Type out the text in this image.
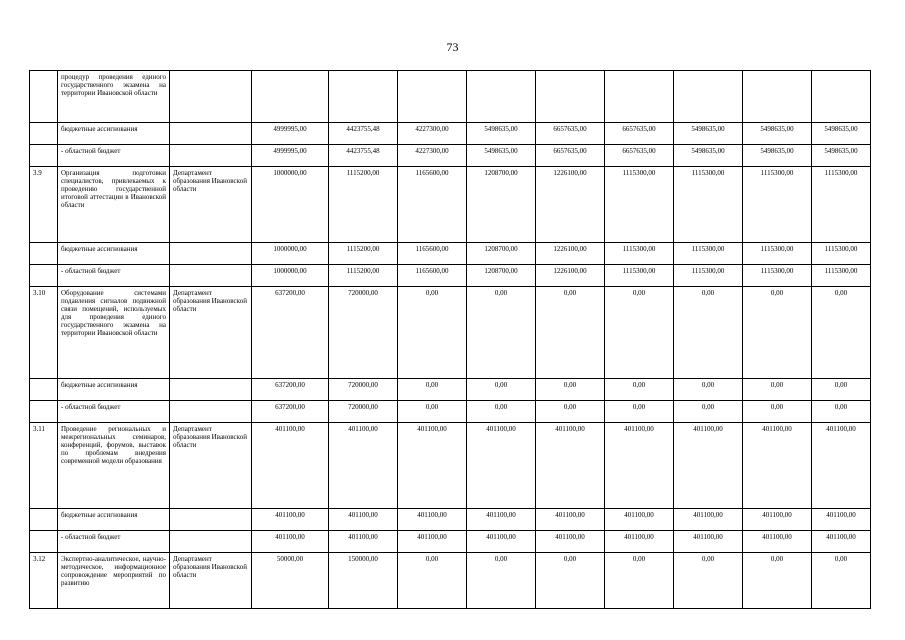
73
	процедур проведения единого государственного экзамена на территории Ивановской области										
	бюджетные ассигнования		4999995,00	4423755,48	4227300,00	5498635,00	6657635,00	6657635,00	5498635,00	5498635,00	5498635,00
	- областной бюджет		4999995,00	4423755,48	4227300,00	5498635,00	6657635,00	6657635,00	5498635,00	5498635,00	5498635,00
3.9	Организация подготовки специалистов, привлекаемых к проведению государственной итоговой аттестации в Ивановской области	Департамент образования Ивановской области	1000000,00	1115200,00	1165600,00	1208700,00	1226100,00	1115300,00	1115300,00	1115300,00	1115300,00
	бюджетные ассигнования		1000000,00	1115200,00	1165600,00	1208700,00	1226100,00	1115300,00	1115300,00	1115300,00	1115300,00
	- областной бюджет		1000000,00	1115200,00	1165600,00	1208700,00	1226100,00	1115300,00	1115300,00	1115300,00	1115300,00
3.10	Оборудование системами подавления сигналов подвижной связи помещений, используемых для проведения единого государственного экзамена на территории Ивановской области	Департамент образования Ивановской области	637200,00	720000,00	0,00	0,00	0,00	0,00	0,00	0,00	0,00
	бюджетные ассигнования		637200,00	720000,00	0,00	0,00	0,00	0,00	0,00	0,00	0,00
	- областной бюджет		637200,00	720000,00	0,00	0,00	0,00	0,00	0,00	0,00	0,00
3.11	Проведение региональных и межрегиональных семинаров, конференций, форумов, выставок по проблемам внедрения современной модели образования	Департамент образования Ивановской области	401100,00	401100,00	401100,00	401100,00	401100,00	401100,00	401100,00	401100,00	401100,00
	бюджетные ассигнования		401100,00	401100,00	401100,00	401100,00	401100,00	401100,00	401100,00	401100,00	401100,00
	- областной бюджет		401100,00	401100,00	401100,00	401100,00	401100,00	401100,00	401100,00	401100,00	401100,00
3.12	Экспертно-аналитическое, научно-методическое, информационное сопровождение мероприятий по развитию	Департамент образования Ивановской области	50000,00	150000,00	0,00	0,00	0,00	0,00	0,00	0,00	0,00
